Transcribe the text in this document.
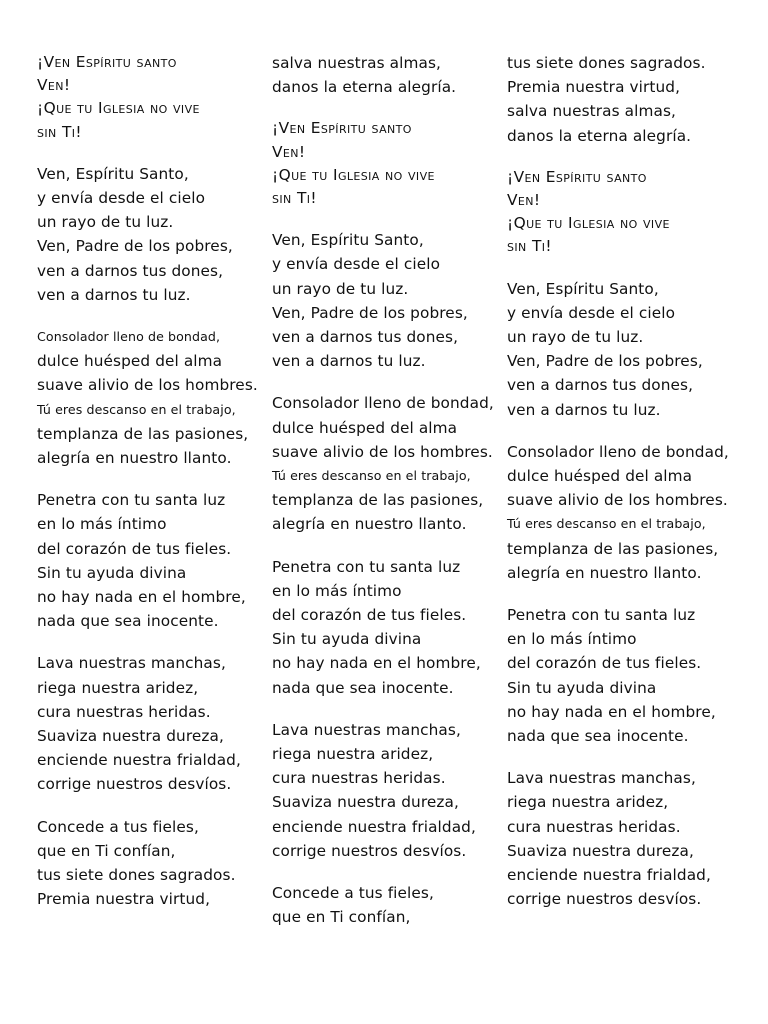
¡Ven Espíritu santo
Ven!
¡Que tu Iglesia no vive
sin Ti!
Ven, Espíritu Santo,
y envía desde el cielo
un rayo de tu luz.
Ven, Padre de los pobres,
ven a darnos tus dones,
ven a darnos tu luz.
Consolador lleno de bondad,
dulce huésped del alma
suave alivio de los hombres.
Tú eres descanso en el trabajo,
templanza de las pasiones,
alegría en nuestro llanto.
Penetra con tu santa luz
en lo más íntimo
del corazón de tus fieles.
Sin tu ayuda divina
no hay nada en el hombre,
nada que sea inocente.
Lava nuestras manchas,
riega nuestra aridez,
cura nuestras heridas.
Suaviza nuestra dureza,
enciende nuestra frialdad,
corrige nuestros desvíos.
Concede a tus fieles,
que en Ti confían,
tus siete dones sagrados.
Premia nuestra virtud,
salva nuestras almas,
danos la eterna alegría.
¡Ven Espíritu santo
Ven!
¡Que tu Iglesia no vive
sin Ti!
Ven, Espíritu Santo,
y envía desde el cielo
un rayo de tu luz.
Ven, Padre de los pobres,
ven a darnos tus dones,
ven a darnos tu luz.
Consolador lleno de bondad,
dulce huésped del alma
suave alivio de los hombres.
Tú eres descanso en el trabajo,
templanza de las pasiones,
alegría en nuestro llanto.
Penetra con tu santa luz
en lo más íntimo
del corazón de tus fieles.
Sin tu ayuda divina
no hay nada en el hombre,
nada que sea inocente.
Lava nuestras manchas,
riega nuestra aridez,
cura nuestras heridas.
Suaviza nuestra dureza,
enciende nuestra frialdad,
corrige nuestros desvíos.
Concede a tus fieles,
que en Ti confían,
tus siete dones sagrados.
Premia nuestra virtud,
salva nuestras almas,
danos la eterna alegría.
¡Ven Espíritu santo
Ven!
¡Que tu Iglesia no vive
sin Ti!
Ven, Espíritu Santo,
y envía desde el cielo
un rayo de tu luz.
Ven, Padre de los pobres,
ven a darnos tus dones,
ven a darnos tu luz.
Consolador lleno de bondad,
dulce huésped del alma
suave alivio de los hombres.
Tú eres descanso en el trabajo,
templanza de las pasiones,
alegría en nuestro llanto.
Penetra con tu santa luz
en lo más íntimo
del corazón de tus fieles.
Sin tu ayuda divina
no hay nada en el hombre,
nada que sea inocente.
Lava nuestras manchas,
riega nuestra aridez,
cura nuestras heridas.
Suaviza nuestra dureza,
enciende nuestra frialdad,
corrige nuestros desvíos.
